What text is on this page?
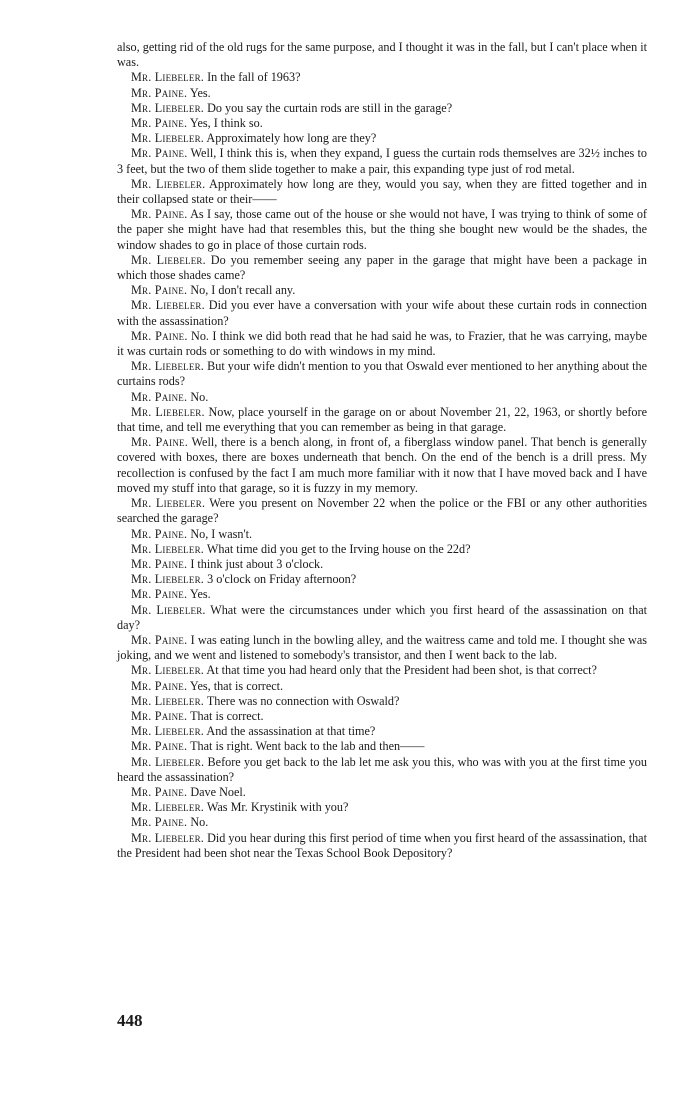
also, getting rid of the old rugs for the same purpose, and I thought it was in the fall, but I can't place when it was.

Mr. Liebeler. In the fall of 1963?

Mr. Paine. Yes.

Mr. Liebeler. Do you say the curtain rods are still in the garage?

Mr. Paine. Yes, I think so.

Mr. Liebeler. Approximately how long are they?

Mr. Paine. Well, I think this is, when they expand, I guess the curtain rods themselves are 32½ inches to 3 feet, but the two of them slide together to make a pair, this expanding type just of rod metal.

Mr. Liebeler. Approximately how long are they, would you say, when they are fitted together and in their collapsed state or their——

Mr. Paine. As I say, those came out of the house or she would not have, I was trying to think of some of the paper she might have had that resembles this, but the thing she bought new would be the shades, the window shades to go in place of those curtain rods.

Mr. Liebeler. Do you remember seeing any paper in the garage that might have been a package in which those shades came?

Mr. Paine. No, I don't recall any.

Mr. Liebeler. Did you ever have a conversation with your wife about these curtain rods in connection with the assassination?

Mr. Paine. No. I think we did both read that he had said he was, to Frazier, that he was carrying, maybe it was curtain rods or something to do with windows in my mind.

Mr. Liebeler. But your wife didn't mention to you that Oswald ever mentioned to her anything about the curtains rods?

Mr. Paine. No.

Mr. Liebeler. Now, place yourself in the garage on or about November 21, 22, 1963, or shortly before that time, and tell me everything that you can remember as being in that garage.

Mr. Paine. Well, there is a bench along, in front of, a fiberglass window panel. That bench is generally covered with boxes, there are boxes underneath that bench. On the end of the bench is a drill press. My recollection is confused by the fact I am much more familiar with it now that I have moved back and I have moved my stuff into that garage, so it is fuzzy in my memory.

Mr. Liebeler. Were you present on November 22 when the police or the FBI or any other authorities searched the garage?

Mr. Paine. No, I wasn't.

Mr. Liebeler. What time did you get to the Irving house on the 22d?

Mr. Paine. I think just about 3 o'clock.

Mr. Liebeler. 3 o'clock on Friday afternoon?

Mr. Paine. Yes.

Mr. Liebeler. What were the circumstances under which you first heard of the assassination on that day?

Mr. Paine. I was eating lunch in the bowling alley, and the waitress came and told me. I thought she was joking, and we went and listened to somebody's transistor, and then I went back to the lab.

Mr. Liebeler. At that time you had heard only that the President had been shot, is that correct?

Mr. Paine. Yes, that is correct.

Mr. Liebeler. There was no connection with Oswald?

Mr. Paine. That is correct.

Mr. Liebeler. And the assassination at that time?

Mr. Paine. That is right. Went back to the lab and then——

Mr. Liebeler. Before you get back to the lab let me ask you this, who was with you at the first time you heard the assassination?

Mr. Paine. Dave Noel.

Mr. Liebeler. Was Mr. Krystinik with you?

Mr. Paine. No.

Mr. Liebeler. Did you hear during this first period of time when you first heard of the assassination, that the President had been shot near the Texas School Book Depository?

448
